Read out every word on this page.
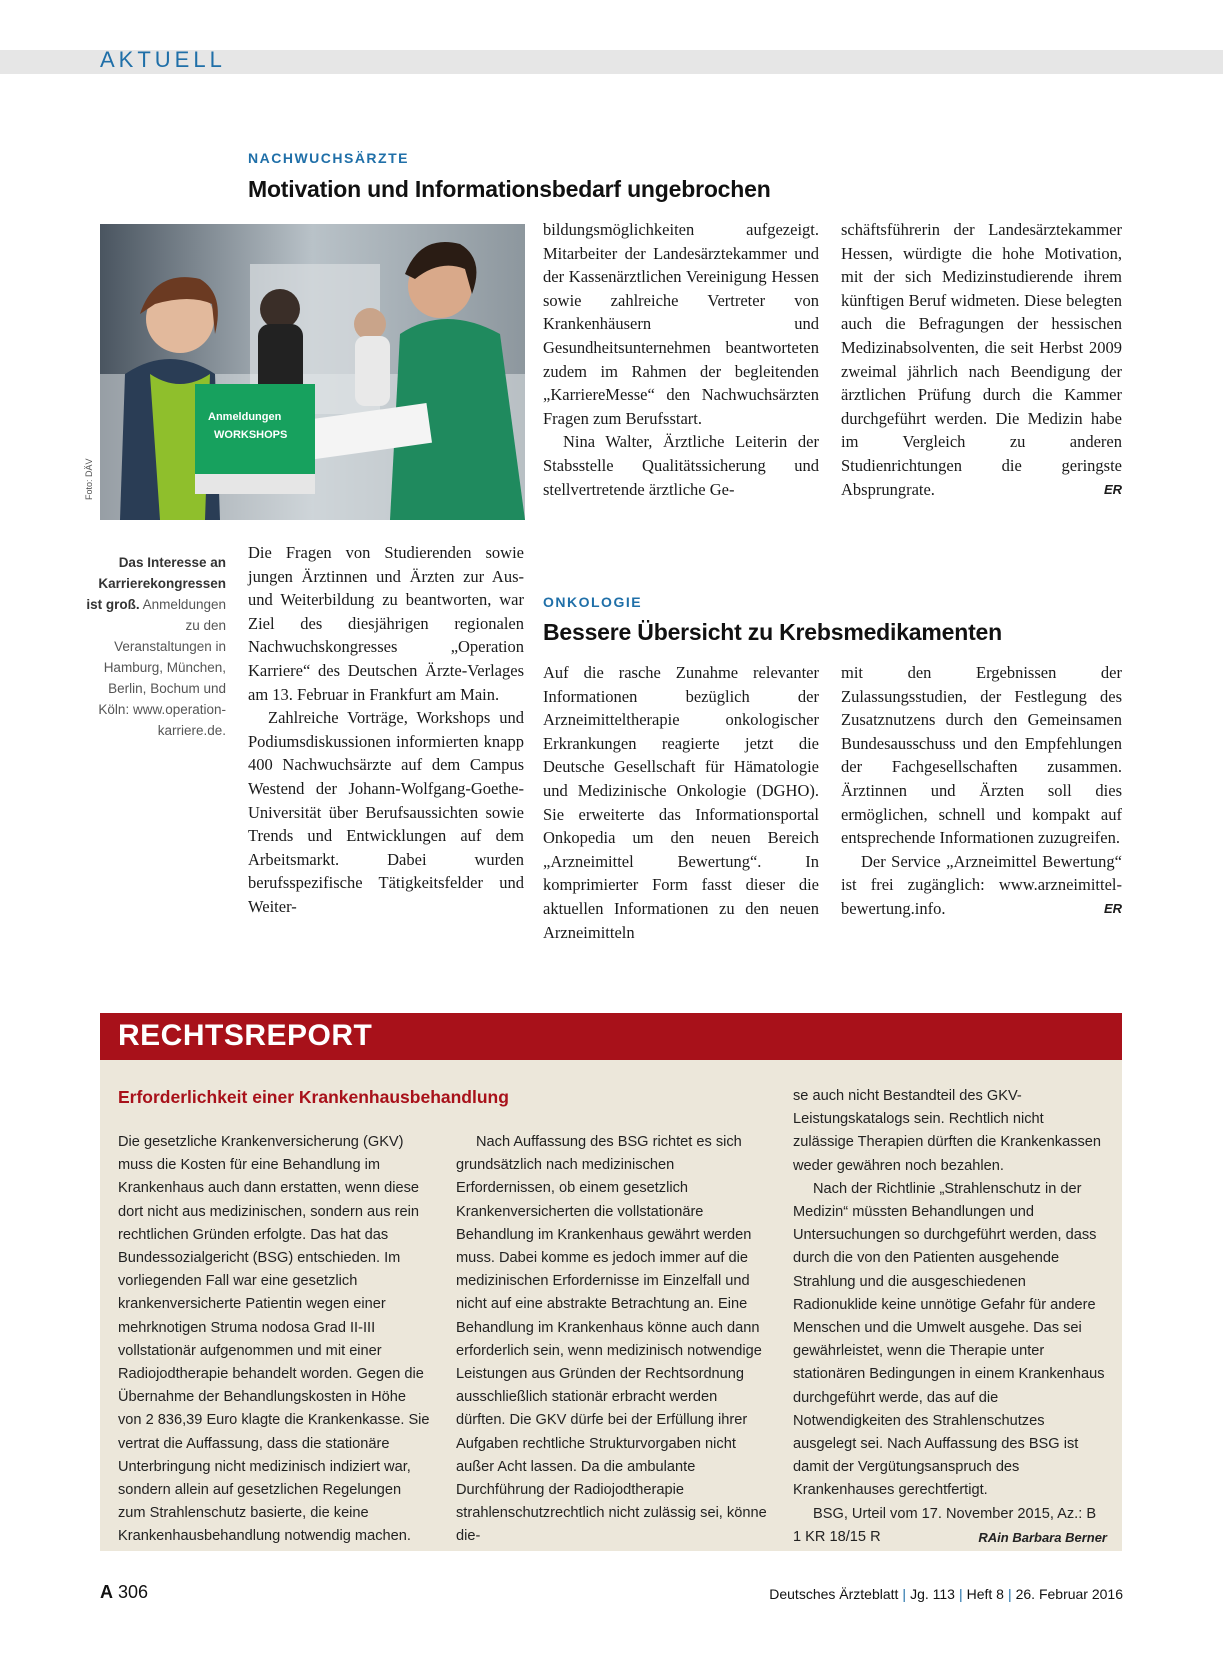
AKTUELL
NACHWUCHSÄRZTE
Motivation und Informationsbedarf ungebrochen
Anmeldungen
WORKSHOPS
Foto: DÄV
Das Interesse an Karrierekongressen ist groß. Anmeldungen zu den Veranstaltungen in Hamburg, München, Berlin, Bochum und Köln: www.operation-karriere.de.

Die Fragen von Studierenden sowie jungen Ärztinnen und Ärzten zur Aus- und Weiterbildung zu beantworten, war Ziel des diesjährigen regionalen Nachwuchskongresses „Operation Karriere“ des Deutschen Ärzte-Verlages am 13. Februar in Frankfurt am Main.

Zahlreiche Vorträge, Workshops und Podiumsdiskussionen informierten knapp 400 Nachwuchsärzte auf dem Campus Westend der Johann-Wolfgang-Goethe-Universität über Berufsaussichten sowie Trends und Entwicklungen auf dem Arbeitsmarkt. Dabei wurden berufsspezifische Tätigkeitsfelder und Weiter-

bildungsmöglichkeiten aufgezeigt. Mitarbeiter der Landesärztekammer und der Kassenärztlichen Vereinigung Hessen sowie zahlreiche Vertreter von Krankenhäusern und Gesundheitsunternehmen beantworteten zudem im Rahmen der begleitenden „KarriereMesse“ den Nachwuchsärzten Fragen zum Berufsstart.

Nina Walter, Ärztliche Leiterin der Stabsstelle Qualitätssicherung und stellvertretende ärztliche Ge-

schäftsführerin der Landesärztekammer Hessen, würdigte die hohe Motivation, mit der sich Medizinstudierende ihrem künftigen Beruf widmeten. Diese belegten auch die Befragungen der hessischen Medizinabsolventen, die seit Herbst 2009 zweimal jährlich nach Beendigung der ärztlichen Prüfung durch die Kammer durchgeführt werden. Die Medizin habe im Vergleich zu anderen Studienrichtungen die geringste Absprungrate.	ER

ONKOLOGIE
Bessere Übersicht zu Krebsmedikamenten

Auf die rasche Zunahme relevanter Informationen bezüglich der Arzneimitteltherapie onkologischer Erkrankungen reagierte jetzt die Deutsche Gesellschaft für Hämatologie und Medizinische Onkologie (DGHO). Sie erweiterte das Informationsportal Onkopedia um den neuen Bereich „Arzneimittel Bewertung“. In komprimierter Form fasst dieser die aktuellen Informationen zu den neuen Arzneimitteln

mit den Ergebnissen der Zulassungsstudien, der Festlegung des Zusatznutzens durch den Gemeinsamen Bundesausschuss und den Empfehlungen der Fachgesellschaften zusammen. Ärztinnen und Ärzten soll dies ermöglichen, schnell und kompakt auf entsprechende Informationen zuzugreifen.

Der Service „Arzneimittel Bewertung“ ist frei zugänglich: www.arzneimittel-bewertung.info.	ER

RECHTSREPORT
Erforderlichkeit einer Krankenhausbehandlung

Die gesetzliche Krankenversicherung (GKV) muss die Kosten für eine Behandlung im Krankenhaus auch dann erstatten, wenn diese dort nicht aus medizinischen, sondern aus rein rechtlichen Gründen erfolgte. Das hat das Bundessozialgericht (BSG) entschieden. Im vorliegenden Fall war eine gesetzlich krankenversicherte Patientin wegen einer mehrknotigen Struma nodosa Grad II-III vollstationär aufgenommen und mit einer Radiojodtherapie behandelt worden. Gegen die Übernahme der Behandlungskosten in Höhe von 2 836,39 Euro klagte die Krankenkasse. Sie vertrat die Auffassung, dass die stationäre Unterbringung nicht medizinisch indiziert war, sondern allein auf gesetzlichen Regelungen zum Strahlenschutz basierte, die keine Krankenhausbehandlung notwendig machen.

Nach Auffassung des BSG richtet es sich grundsätzlich nach medizinischen Erfordernissen, ob einem gesetzlich Krankenversicherten die vollstationäre Behandlung im Krankenhaus gewährt werden muss. Dabei komme es jedoch immer auf die medizinischen Erfordernisse im Einzelfall und nicht auf eine abstrakte Betrachtung an. Eine Behandlung im Krankenhaus könne auch dann erforderlich sein, wenn medizinisch notwendige Leistungen aus Gründen der Rechtsordnung ausschließlich stationär erbracht werden dürften. Die GKV dürfe bei der Erfüllung ihrer Aufgaben rechtliche Strukturvorgaben nicht außer Acht lassen. Da die ambulante Durchführung der Radiojodtherapie strahlenschutzrechtlich nicht zulässig sei, könne die-

se auch nicht Bestandteil des GKV-Leistungskatalogs sein. Rechtlich nicht zulässige Therapien dürften die Krankenkassen weder gewähren noch bezahlen.

Nach der Richtlinie „Strahlenschutz in der Medizin“ müssten Behandlungen und Untersuchungen so durchgeführt werden, dass durch die von den Patienten ausgehende Strahlung und die ausgeschiedenen Radionuklide keine unnötige Gefahr für andere Menschen und die Umwelt ausgehe. Das sei gewährleistet, wenn die Therapie unter stationären Bedingungen in einem Krankenhaus durchgeführt werde, das auf die Notwendigkeiten des Strahlenschutzes ausgelegt sei. Nach Auffassung des BSG ist damit der Vergütungsanspruch des Krankenhauses gerechtfertigt.

BSG, Urteil vom 17. November 2015, Az.: B 1 KR 18/15 R	RAin Barbara Berner

A 306	Deutsches Ärzteblatt | Jg. 113 | Heft 8 | 26. Februar 2016
